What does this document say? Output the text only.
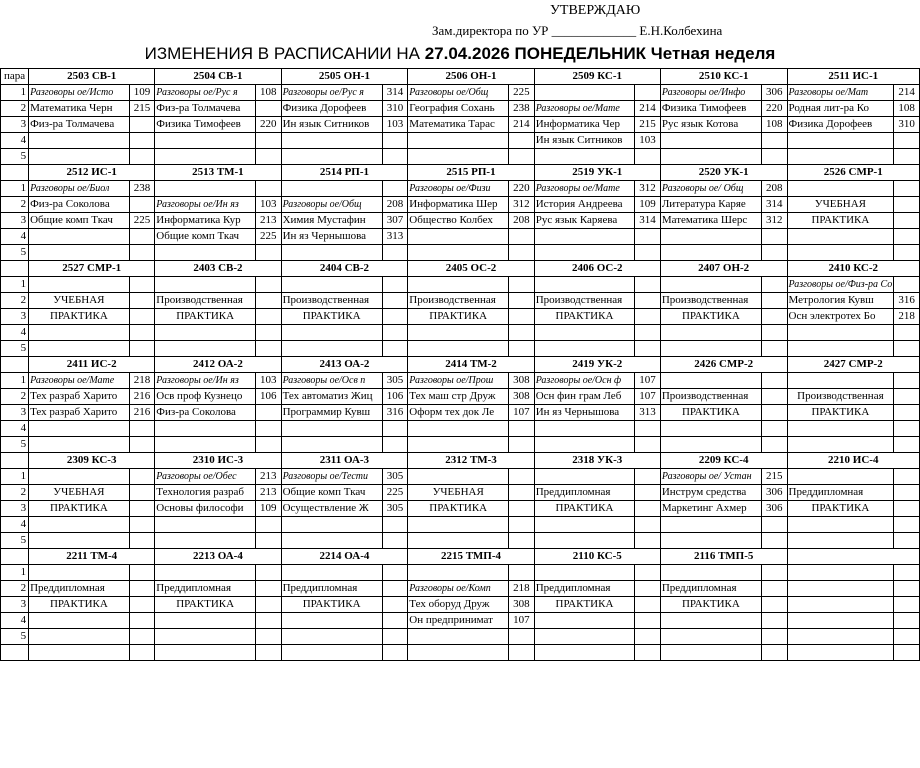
УТВЕРЖДАЮ
Зам.директора по УР _____________ Е.Н.Колбехина
ИЗМЕНЕНИЯ В РАСПИСАНИИ НА 27.04.2026 ПОНЕДЕЛЬНИК Четная неделя
пара	2503 СВ-1		2504 СВ-1		2505 ОН-1		2506 ОН-1		2509 КС-1		2510 КС-1		2511 ИС-1	
1	Разговоры ое/Исто	109	Разговоры ое/Рус я	108	Разговоры ое/Рус я	314	Разговоры ое/Общ	225			Разговоры ое/Инфо	306	Разговоры ое/Мат	214
2	Математика Черн	215	Физ-ра Толмачева		Физика Дорофеев	310	География Сохань	238	Разговоры ое/Мате	214	Физика Тимофеев	220	Родная лит-ра Ко	108
3	Физ-ра Толмачева		Физика Тимофеев	220	Ин язык Ситников	103	Математика Тарас	214	Информатика Чер	215	Рус язык Котова	108	Физика Дорофеев	310
4									Ин язык Ситников	103				
5														
	2512 ИС-1		2513 ТМ-1		2514 РП-1		2515 РП-1		2519 УК-1		2520 УК-1		2526 СМР-1	
1	Разговоры ое/Биол	238					Разговоры ое/Физи	220	Разговоры ое/Мате	312	Разговоры ое/ Общ	208		
2	Физ-ра Соколова		Разговоры ое/Ин яз	103	Разговоры ое/Общ	208	Информатика Шер	312	История Андреева	109	Литература Каряе	314	УЧЕБНАЯ	
3	Общие комп Ткач	225	Информатика Кур	213	Химия Мустафин	307	Общество Колбех	208	Рус язык Каряева	314	Математика Шерс	312	ПРАКТИКА	
4			Общие комп Ткач	225	Ин яз Чернышова	313								
5														
	2527 СМР-1		2403 СВ-2		2404 СВ-2		2405 ОС-2		2406 ОС-2		2407 ОН-2		2410 КС-2	
1													Разговоры ое/Физ-ра Со	
2	УЧЕБНАЯ		Производственная		Производственная		Производственная		Производственная		Производственная		Метрология Кувш	316
3	ПРАКТИКА		ПРАКТИКА		ПРАКТИКА		ПРАКТИКА		ПРАКТИКА		ПРАКТИКА		Осн электротех Бо	218
4														
5														
	2411 ИС-2		2412 ОА-2		2413 ОА-2		2414 ТМ-2		2419 УК-2		2426 СМР-2		2427 СМР-2	
1	Разговоры ое/Мате	218	Разговоры ое/Ин яз	103	Разговоры ое/Осв п	305	Разговоры ое/Прош	308	Разговоры ое/Осн ф	107				
2	Тех разраб Харито	216	Осв проф Кузнецо	106	Тех автоматиз Жиц	106	Тех маш стр Друж	308	Осн фин грам Леб	107	Производственная		Производственная	
3	Тех разраб Харито	216	Физ-ра Соколова		Программир Кувш	316	Оформ тех док Ле	107	Ин яз Чернышова	313	ПРАКТИКА		ПРАКТИКА	
4														
5														
	2309 КС-3		2310 ИС-3		2311 ОА-3		2312 ТМ-3		2318 УК-3		2209 КС-4		2210 ИС-4	
1			Разговоры ое/Обес	213	Разговоры ое/Тести	305					Разговоры ое/ Устан	215		
2	УЧЕБНАЯ		Технология разраб	213	Общие комп Ткач	225	УЧЕБНАЯ		Преддипломная		Инструм средства	306	Преддипломная	
3	ПРАКТИКА		Основы философи	109	Осуществление Ж	305	ПРАКТИКА		ПРАКТИКА		Маркетинг Ахмер	306	ПРАКТИКА	
4														
5														
	2211 ТМ-4		2213 ОА-4		2214 ОА-4		2215 ТМП-4		2110 КС-5		2116 ТМП-5			
1														
2	Преддипломная		Преддипломная		Преддипломная		Разговоры ое/Комп	218	Преддипломная		Преддипломная			
3	ПРАКТИКА		ПРАКТИКА		ПРАКТИКА		Тех оборуд Друж	308	ПРАКТИКА		ПРАКТИКА			
4							Он предпринимат	107						
5														
